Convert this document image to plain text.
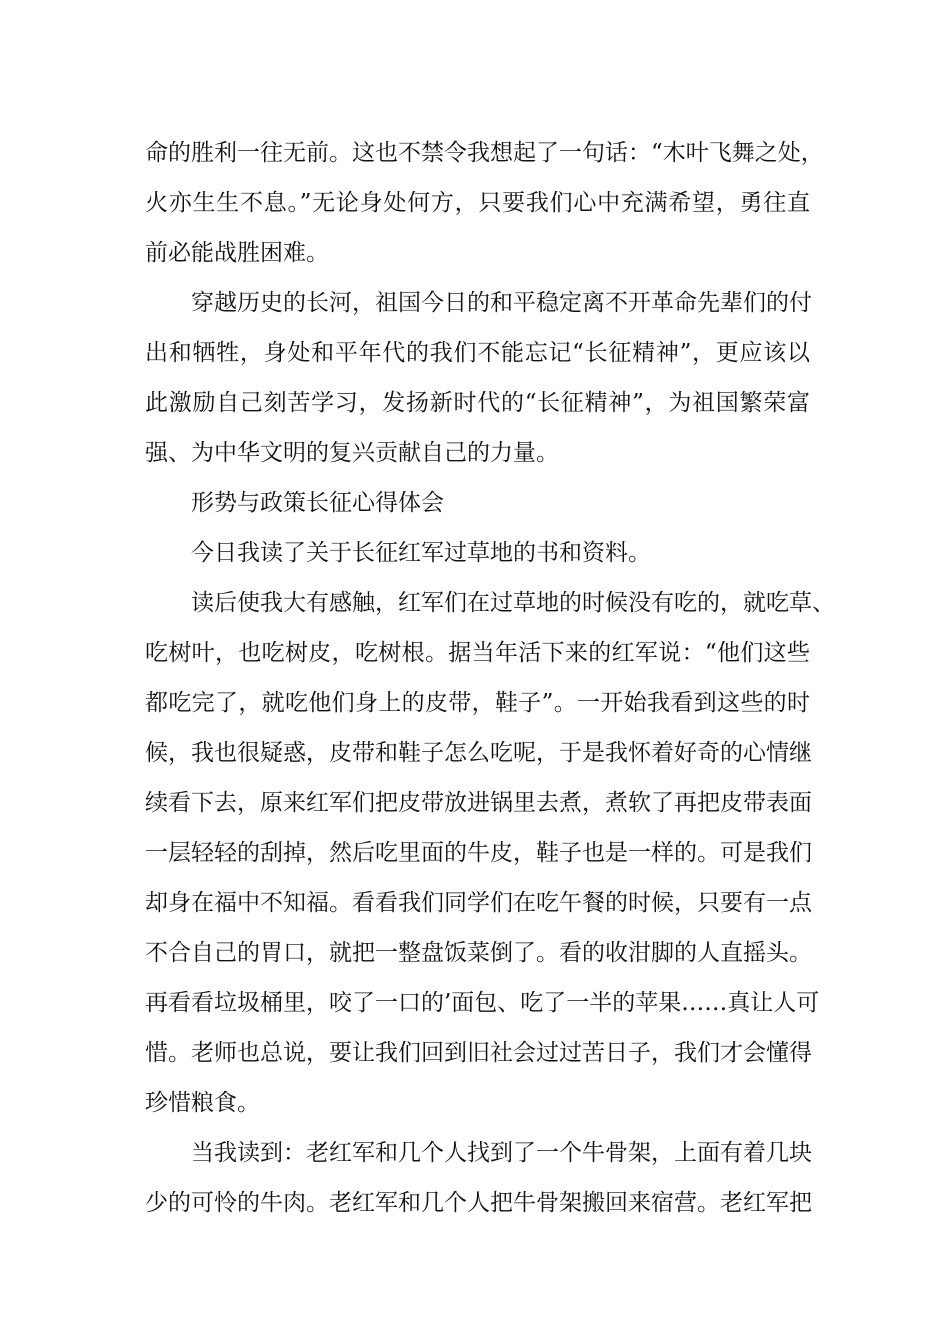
命的胜利一往无前。这也不禁令我想起了一句话：“木叶飞舞之处，
火亦生生不息。”无论身处何方，只要我们心中充满希望，勇往直
前必能战胜困难。
穿越历史的长河，祖国今日的和平稳定离不开革命先辈们的付
出和牺牲，身处和平年代的我们不能忘记“长征精神”，更应该以
此激励自己刻苦学习，发扬新时代的“长征精神”，为祖国繁荣富
强、为中华文明的复兴贡献自己的力量。
形势与政策长征心得体会
今日我读了关于长征红军过草地的书和资料。
读后使我大有感触，红军们在过草地的时候没有吃的，就吃草、
吃树叶，也吃树皮，吃树根。据当年活下来的红军说：“他们这些
都吃完了，就吃他们身上的皮带，鞋子”。一开始我看到这些的时
候，我也很疑惑，皮带和鞋子怎么吃呢，于是我怀着好奇的心情继
续看下去，原来红军们把皮带放进锅里去煮，煮软了再把皮带表面
一层轻轻的刮掉，然后吃里面的牛皮，鞋子也是一样的。可是我们
却身在福中不知福。看看我们同学们在吃午餐的时候，只要有一点
不合自己的胃口，就把一整盘饭菜倒了。看的收泔脚的人直摇头。
再看看垃圾桶里，咬了一口的’面包、吃了一半的苹果……真让人可
惜。老师也总说，要让我们回到旧社会过过苦日子，我们才会懂得
珍惜粮食。
当我读到：老红军和几个人找到了一个牛骨架，上面有着几块
少的可怜的牛肉。老红军和几个人把牛骨架搬回来宿营。老红军把
